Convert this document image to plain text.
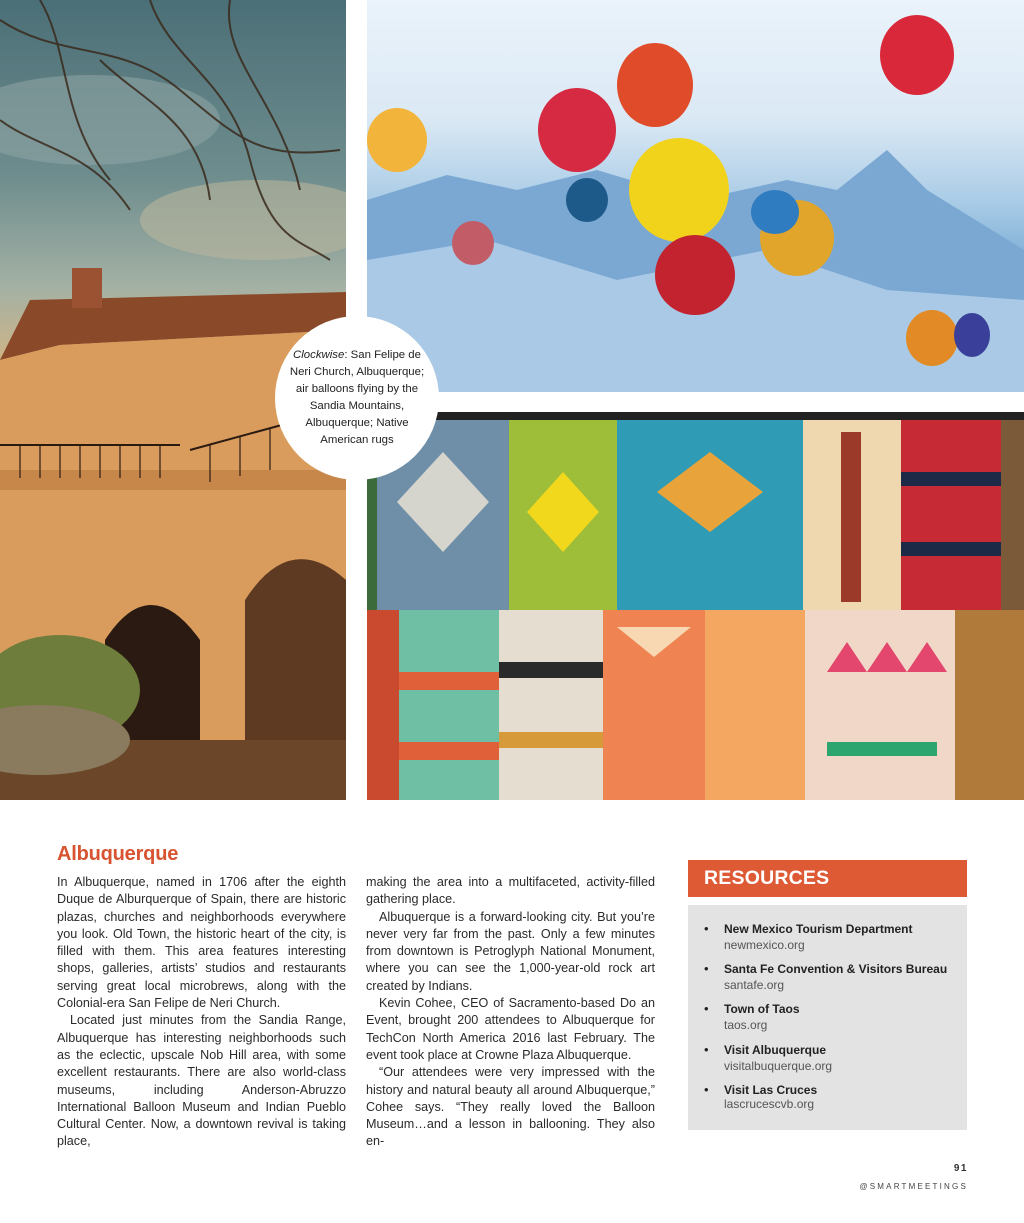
Clockwise: San Felipe de Neri Church, Albuquerque; air balloons flying by the Sandia Mountains, Albuquerque; Native American rugs
Albuquerque

In Albuquerque, named in 1706 after the eighth Duque de Alburquerque of Spain, there are historic plazas, churches and neighborhoods everywhere you look. Old Town, the historic heart of the city, is filled with them. This area features interesting shops, galleries, artists’ studios and restaurants serving great local microbrews, along with the Colonial-era San Felipe de Neri Church.

Located just minutes from the Sandia Range, Albuquerque has interesting neighborhoods such as the eclectic, upscale Nob Hill area, with some excellent restaurants. There are also world-class museums, including Anderson-Abruzzo International Balloon Museum and Indian Pueblo Cultural Center. Now, a downtown revival is taking place,

making the area into a multifaceted, activity-filled gathering place.

Albuquerque is a forward-looking city. But you’re never very far from the past. Only a few minutes from downtown is Petroglyph National Monument, where you can see the 1,000-year-old rock art created by Indians.

Kevin Cohee, CEO of Sacramento-based Do an Event, brought 200 attendees to Albuquerque for TechCon North America 2016 last February. The event took place at Crowne Plaza Albuquerque.

“Our attendees were very impressed with the history and natural beauty all around Albuquerque,” Cohee says. “They really loved the Balloon Museum…and a lesson in ballooning. They also en-

RESOURCES
• New Mexico Tourism Department
newmexico.org
• Santa Fe Convention & Visitors Bureau
santafe.org
• Town of Taos
taos.org
• Visit Albuquerque
visitalbuquerque.org
• Visit Las Cruces
lascrucescvb.org
91
@SMARTMEETINGS
